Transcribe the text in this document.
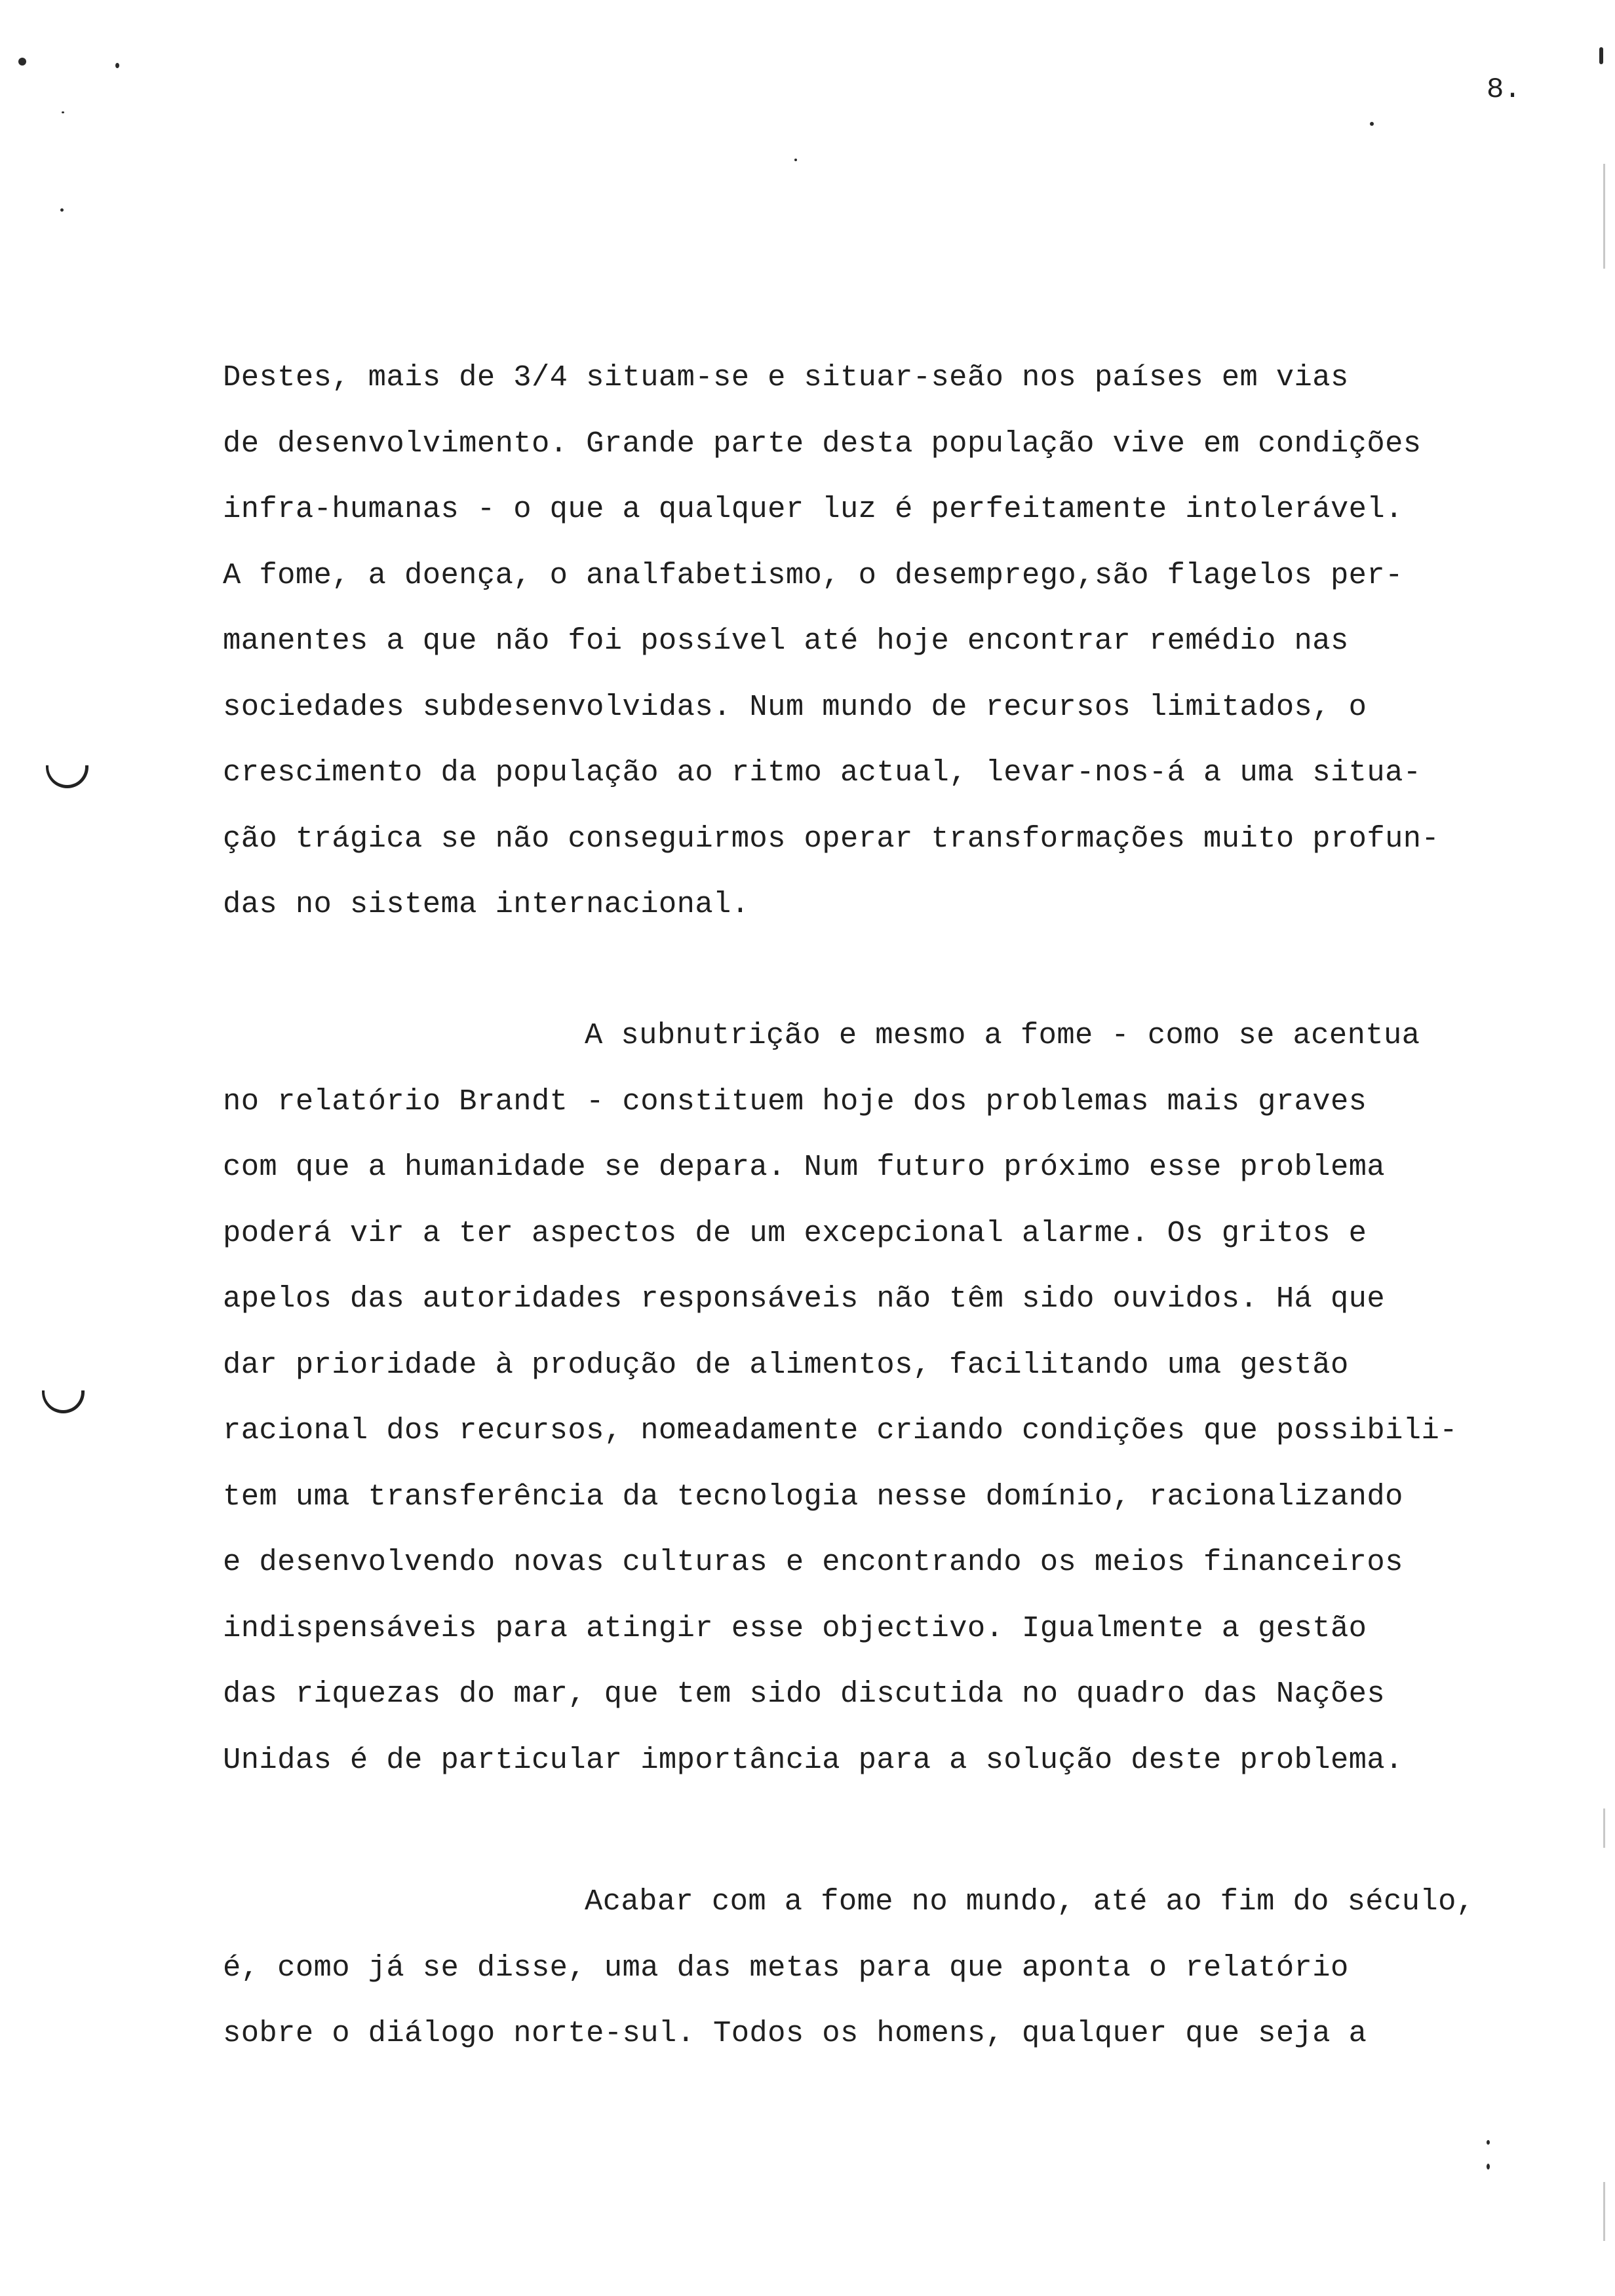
8.
Destes, mais de 3/4 situam-se e situar-seão nos países em vias
de desenvolvimento. Grande parte desta população vive em condições
infra-humanas - o que a qualquer luz é perfeitamente intolerável.
A fome, a doença, o analfabetismo, o desemprego,são flagelos per-
manentes a que não foi possível até hoje encontrar remédio nas
sociedades subdesenvolvidas. Num mundo de recursos limitados, o
crescimento da população ao ritmo actual, levar-nos-á a uma situa-
ção trágica se não conseguirmos operar transformações muito profun-
das no sistema internacional.
A subnutrição e mesmo a fome - como se acentua
no relatório Brandt - constituem hoje dos problemas mais graves
com que a humanidade se depara. Num futuro próximo esse problema
poderá vir a ter aspectos de um excepcional alarme. Os gritos e
apelos das autoridades responsáveis não têm sido ouvidos. Há que
dar prioridade à produção de alimentos, facilitando uma gestão
racional dos recursos, nomeadamente criando condições que possibili-
tem uma transferência da tecnologia nesse domínio, racionalizando
e desenvolvendo novas culturas e encontrando os meios financeiros
indispensáveis para atingir esse objectivo. Igualmente a gestão
das riquezas do mar, que tem sido discutida no quadro das Nações
Unidas é de particular importância para a solução deste problema.
Acabar com a fome no mundo, até ao fim do século,
é, como já se disse, uma das metas para que aponta o relatório
sobre o diálogo norte-sul. Todos os homens, qualquer que seja a
